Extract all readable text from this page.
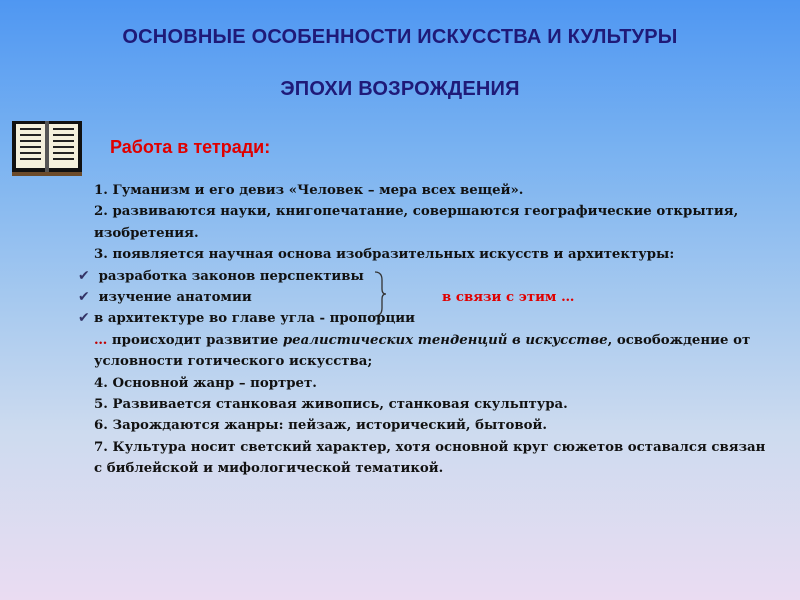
ОСНОВНЫЕ ОСОБЕННОСТИ ИСКУССТВА И КУЛЬТУРЫ
ЭПОХИ ВОЗРОЖДЕНИЯ
Работа в тетради:
1. Гуманизм и его девиз «Человек – мера всех вещей».
2. развиваются науки, книгопечатание, совершаются географические открытия,
изобретения.
3. появляется научная основа изобразительных искусств и архитектуры:
✔ разработка законов перспективы
✔ изучение анатомии	в связи с этим …
✔ в архитектуре во главе угла - пропорции
… происходит развитие реалистических тенденций в искусстве, освобождение от
условности готического искусства;
4. Основной жанр – портрет.
5. Развивается станковая живопись, станковая скульптура.
6. Зарождаются жанры: пейзаж, исторический, бытовой.
7. Культура носит светский характер, хотя основной круг сюжетов оставался связан
с библейской и мифологической тематикой.
